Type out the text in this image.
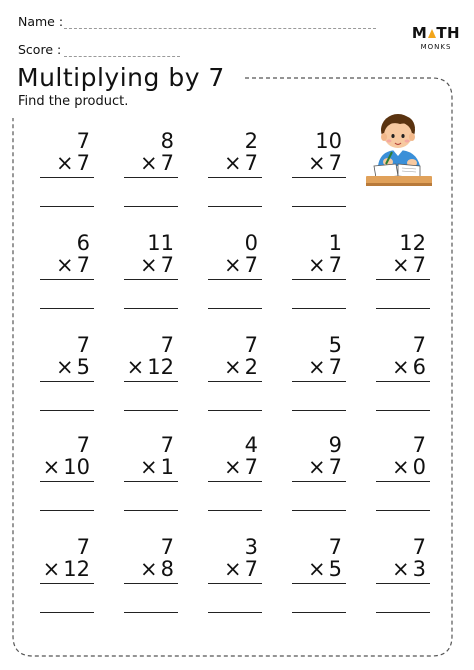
Name :
Score :
M TH
MONKS
Multiplying by 7
Find the product.
7
× 7
8
× 7
2
× 7
10
× 7
6
× 7
11
× 7
0
× 7
1
× 7
12
× 7
7
× 5
7
× 12
7
× 2
5
× 7
7
× 6
7
× 10
7
× 1
4
× 7
9
× 7
7
× 0
7
× 12
7
× 8
3
× 7
7
× 5
7
× 3
